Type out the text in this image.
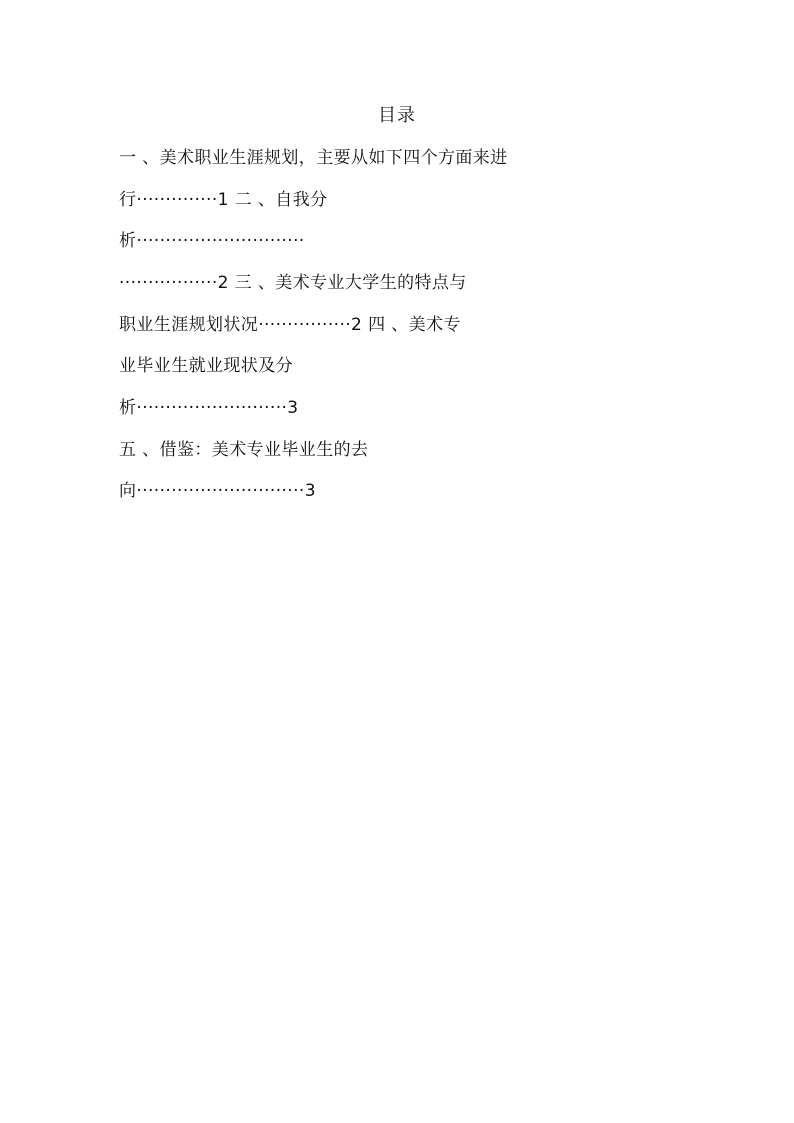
目录
一 、美术职业生涯规划，主要从如下四个方面来进
行··············1 二 、自我分
析·····························
·················2 三 、美术专业大学生的特点与
职业生涯规划状况················2 四 、美术专
业毕业生就业现状及分
析··························3
五 、借鉴：美术专业毕业生的去
向·····························3
